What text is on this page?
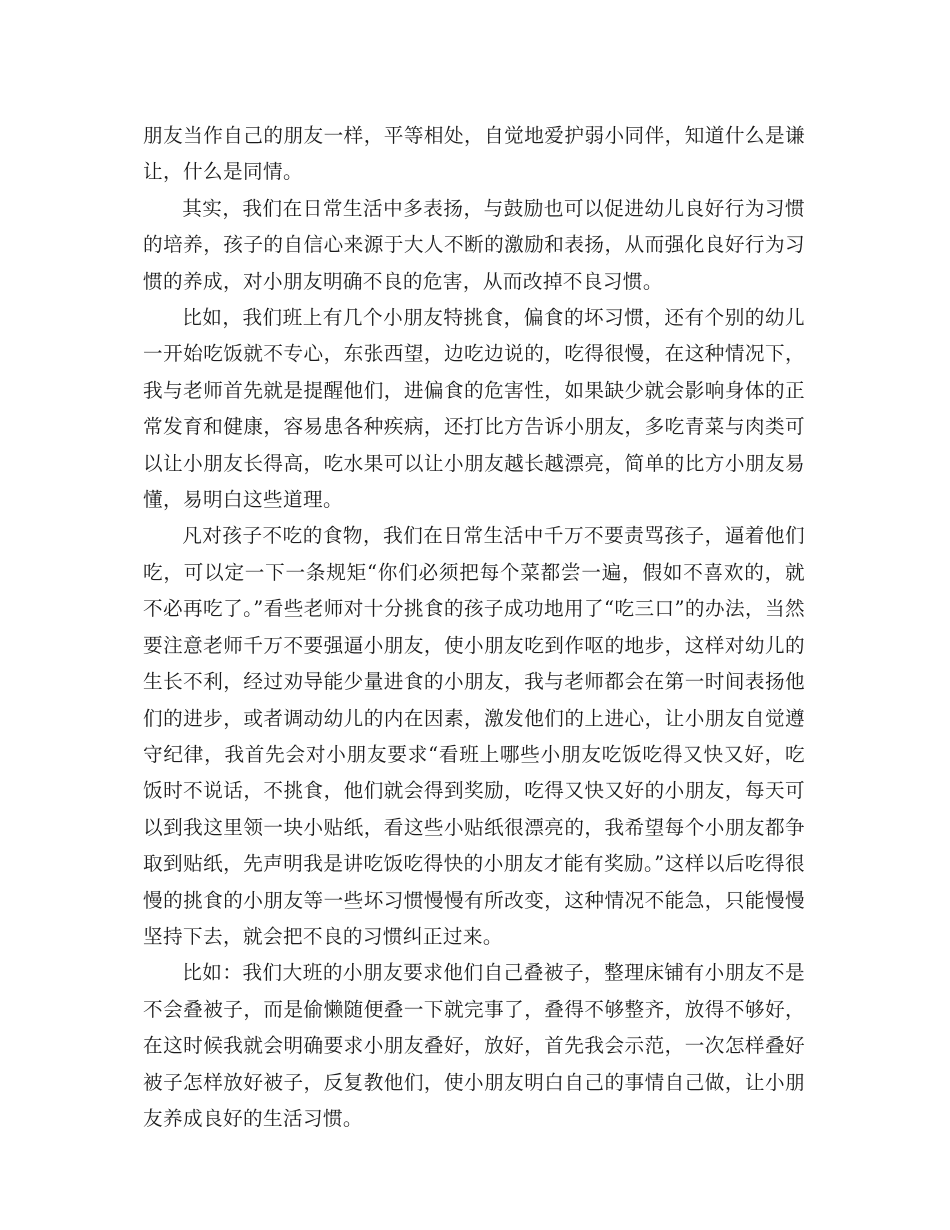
朋友当作自己的朋友一样，平等相处，自觉地爱护弱小同伴，知道什么是谦让，什么是同情。

其实，我们在日常生活中多表扬，与鼓励也可以促进幼儿良好行为习惯的培养，孩子的自信心来源于大人不断的激励和表扬，从而强化良好行为习惯的养成，对小朋友明确不良的危害，从而改掉不良习惯。

比如，我们班上有几个小朋友特挑食，偏食的坏习惯，还有个别的幼儿一开始吃饭就不专心，东张西望，边吃边说的，吃得很慢，在这种情况下，我与老师首先就是提醒他们，进偏食的危害性，如果缺少就会影响身体的正常发育和健康，容易患各种疾病，还打比方告诉小朋友，多吃青菜与肉类可以让小朋友长得高，吃水果可以让小朋友越长越漂亮，简单的比方小朋友易懂，易明白这些道理。

凡对孩子不吃的食物，我们在日常生活中千万不要责骂孩子，逼着他们吃，可以定一下一条规矩“你们必须把每个菜都尝一遍，假如不喜欢的，就不必再吃了。”看些老师对十分挑食的孩子成功地用了“吃三口”的办法，当然要注意老师千万不要强逼小朋友，使小朋友吃到作呕的地步，这样对幼儿的生长不利，经过劝导能少量进食的小朋友，我与老师都会在第一时间表扬他们的进步，或者调动幼儿的内在因素，激发他们的上进心，让小朋友自觉遵守纪律，我首先会对小朋友要求“看班上哪些小朋友吃饭吃得又快又好，吃饭时不说话，不挑食，他们就会得到奖励，吃得又快又好的小朋友，每天可以到我这里领一块小贴纸，看这些小贴纸很漂亮的，我希望每个小朋友都争取到贴纸，先声明我是讲吃饭吃得快的小朋友才能有奖励。”这样以后吃得很慢的挑食的小朋友等一些坏习惯慢慢有所改变，这种情况不能急，只能慢慢坚持下去，就会把不良的习惯纠正过来。

比如：我们大班的小朋友要求他们自己叠被子，整理床铺有小朋友不是不会叠被子，而是偷懒随便叠一下就完事了，叠得不够整齐，放得不够好，在这时候我就会明确要求小朋友叠好，放好，首先我会示范，一次怎样叠好被子怎样放好被子，反复教他们，使小朋友明白自己的事情自己做，让小朋友养成良好的生活习惯。
